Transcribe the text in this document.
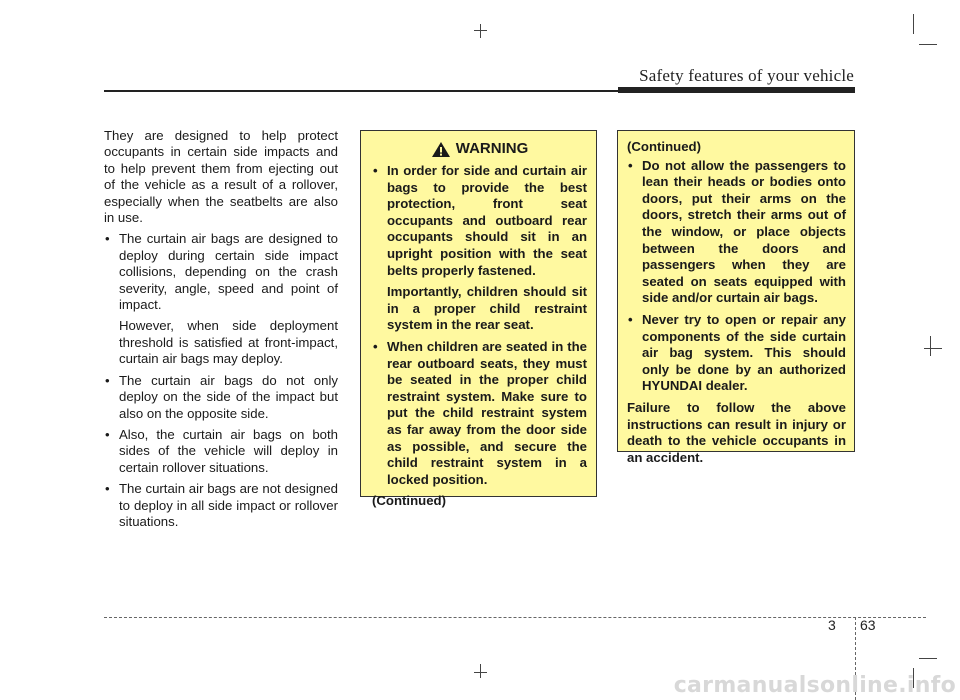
Safety features of your vehicle

They are designed to help protect occupants in certain side impacts and to help prevent them from ejecting out of the vehicle as a result of a rollover, especially when the seatbelts are also in use.

• The curtain air bags are designed to deploy during certain side impact collisions, depending on the crash severity, angle, speed and point of impact.

However, when side deployment threshold is satisfied at front-impact, curtain air bags may deploy.

• The curtain air bags do not only deploy on the side of the impact but also on the opposite side.

• Also, the curtain air bags on both sides of the vehicle will deploy in certain rollover situations.

• The curtain air bags are not designed to deploy in all side impact or rollover situations.

WARNING

• In order for side and curtain air bags to provide the best protection, front seat occupants and outboard rear occupants should sit in an upright position with the seat belts properly fastened.

Importantly, children should sit in a proper child restraint system in the rear seat.

• When children are seated in the rear outboard seats, they must be seated in the proper child restraint system. Make sure to put the child restraint system as far away from the door side as possible, and secure the child restraint system in a locked position.

(Continued)

(Continued)

• Do not allow the passengers to lean their heads or bodies onto doors, put their arms on the doors, stretch their arms out of the window, or place objects between the doors and passengers when they are seated on seats equipped with side and/or curtain air bags.

• Never try to open or repair any components of the side curtain air bag system. This should only be done by an authorized HYUNDAI dealer.

Failure to follow the above instructions can result in injury or death to the vehicle occupants in an accident.

3 63
carmanualsonline.info
